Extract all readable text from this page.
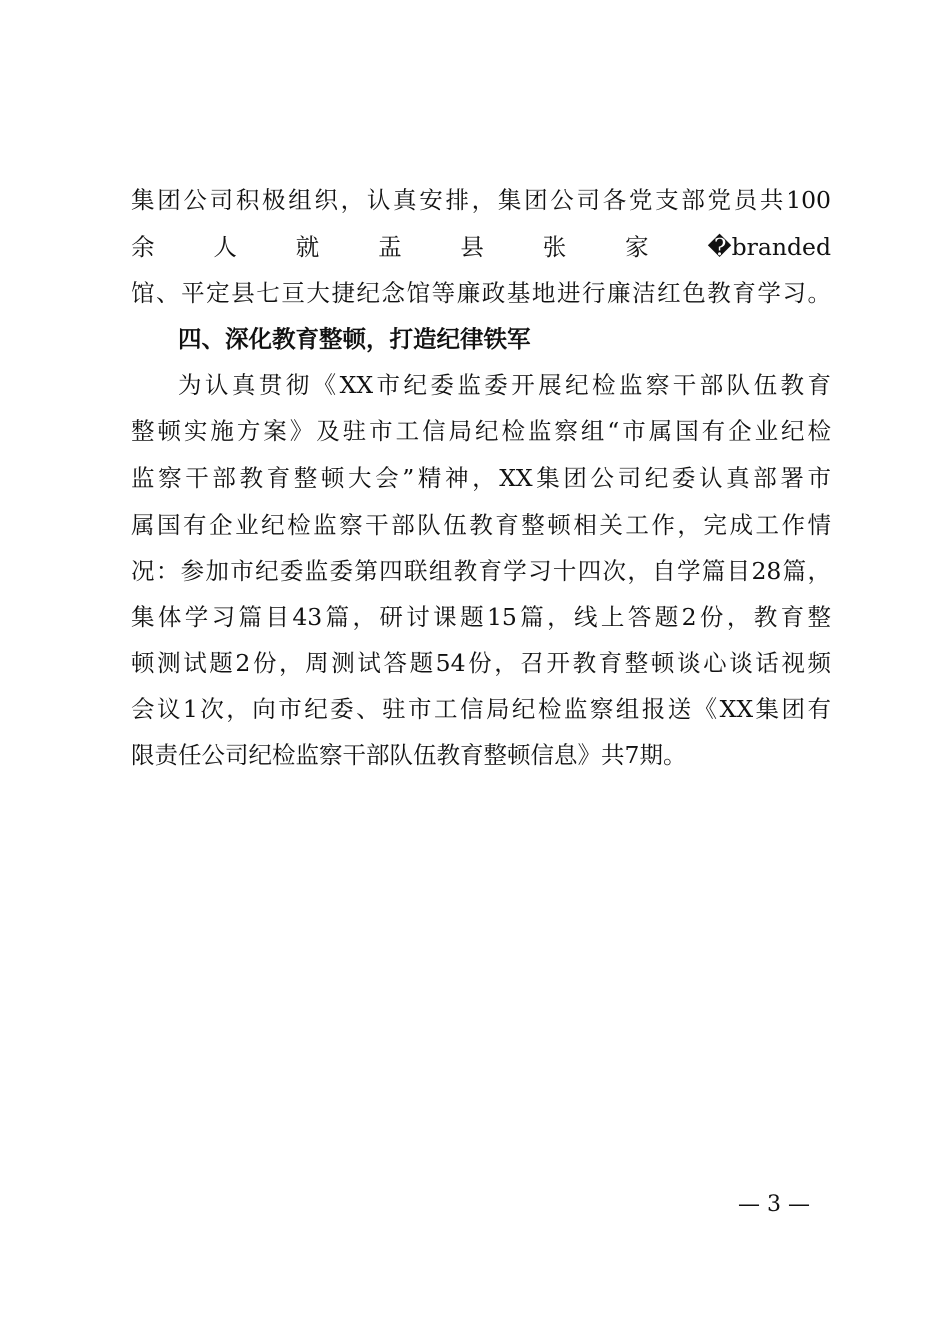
集团公司积极组织，认真安排，集团公司各党支部党员共100
余人就盂县张家�branded
馆、平定县七亘大捷纪念馆等廉政基地进行廉洁红色教育学习。
四、深化教育整顿，打造纪律铁军
为认真贯彻《XX市纪委监委开展纪检监察干部队伍教育
整顿实施方案》及驻市工信局纪检监察组“市属国有企业纪检
监察干部教育整顿大会”精神，XX集团公司纪委认真部署市
属国有企业纪检监察干部队伍教育整顿相关工作，完成工作情
况：参加市纪委监委第四联组教育学习十四次，自学篇目28篇，
集体学习篇目43篇，研讨课题15篇，线上答题2份，教育整
顿测试题2份，周测试答题54份，召开教育整顿谈心谈话视频
会议1次，向市纪委、驻市工信局纪检监察组报送《XX集团有
限责任公司纪检监察干部队伍教育整顿信息》共7期。
— 3 —
